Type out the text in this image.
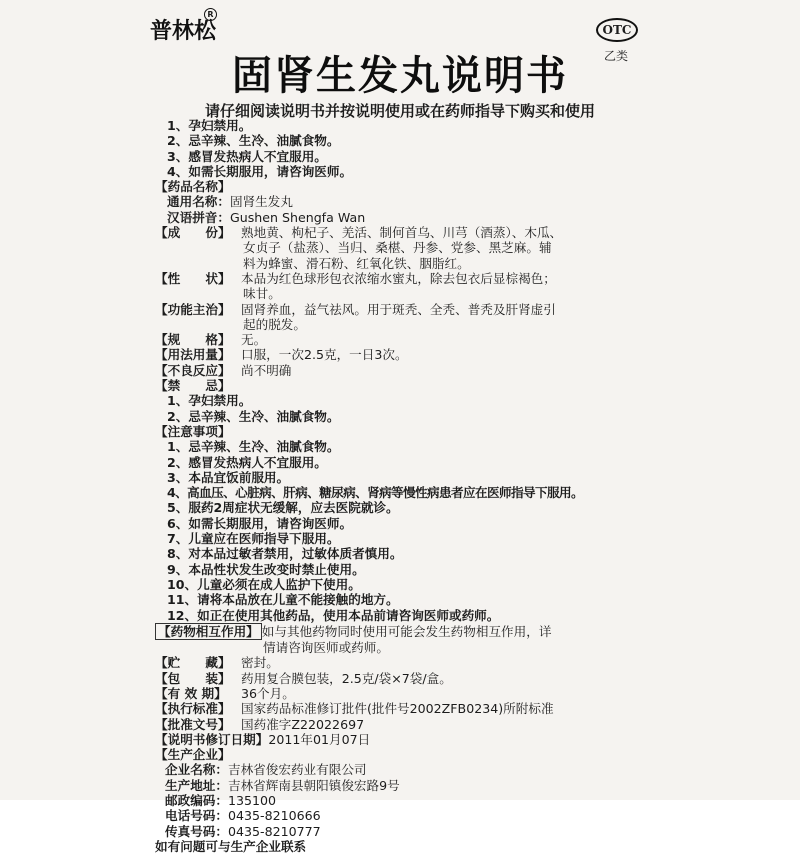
普林松
R
OTC
乙类
固肾生发丸说明书
请仔细阅读说明书并按说明使用或在药师指导下购买和使用
1、孕妇禁用。
2、忌辛辣、生冷、油腻食物。
3、感冒发热病人不宜服用。
4、如需长期服用，请咨询医师。
【药品名称】
通用名称：固肾生发丸
汉语拼音：Gushen Shengfa Wan
【成　　份】 熟地黄、枸杞子、羌活、制何首乌、川芎（酒蒸）、木瓜、
女贞子（盐蒸）、当归、桑椹、丹参、党参、黑芝麻。辅
料为蜂蜜、滑石粉、红氧化铁、胭脂红。
【性　　状】 本品为红色球形包衣浓缩水蜜丸，除去包衣后显棕褐色；
味甘。
【功能主治】 固肾养血，益气祛风。用于斑秃、全秃、普秃及肝肾虚引
起的脱发。
【规　　格】 无。
【用法用量】 口服，一次2.5克，一日3次。
【不良反应】 尚不明确
【禁　　忌】
1、孕妇禁用。
2、忌辛辣、生冷、油腻食物。
【注意事项】
1、忌辛辣、生冷、油腻食物。
2、感冒发热病人不宜服用。
3、本品宜饭前服用。
4、高血压、心脏病、肝病、糖尿病、肾病等慢性病患者应在医师指导下服用。
5、服药2周症状无缓解，应去医院就诊。
6、如需长期服用，请咨询医师。
7、儿童应在医师指导下服用。
8、对本品过敏者禁用，过敏体质者慎用。
9、本品性状发生改变时禁止使用。
10、儿童必须在成人监护下使用。
11、请将本品放在儿童不能接触的地方。
12、如正在使用其他药品，使用本品前请咨询医师或药师。
【药物相互作用】 如与其他药物同时使用可能会发生药物相互作用，详
情请咨询医师或药师。
【贮　　藏】 密封。
【包　　装】 药用复合膜包装，2.5克/袋×7袋/盒。
【有 效 期】 36个月。
【执行标准】 国家药品标准修订批件(批件号2002ZFB0234)所附标准
【批准文号】 国药准字Z22022697
【说明书修订日期】2011年01月07日
【生产企业】
企业名称：吉林省俊宏药业有限公司
生产地址：吉林省辉南县朝阳镇俊宏路9号
邮政编码：135100
电话号码：0435-8210666
传真号码：0435-8210777
如有问题可与生产企业联系
